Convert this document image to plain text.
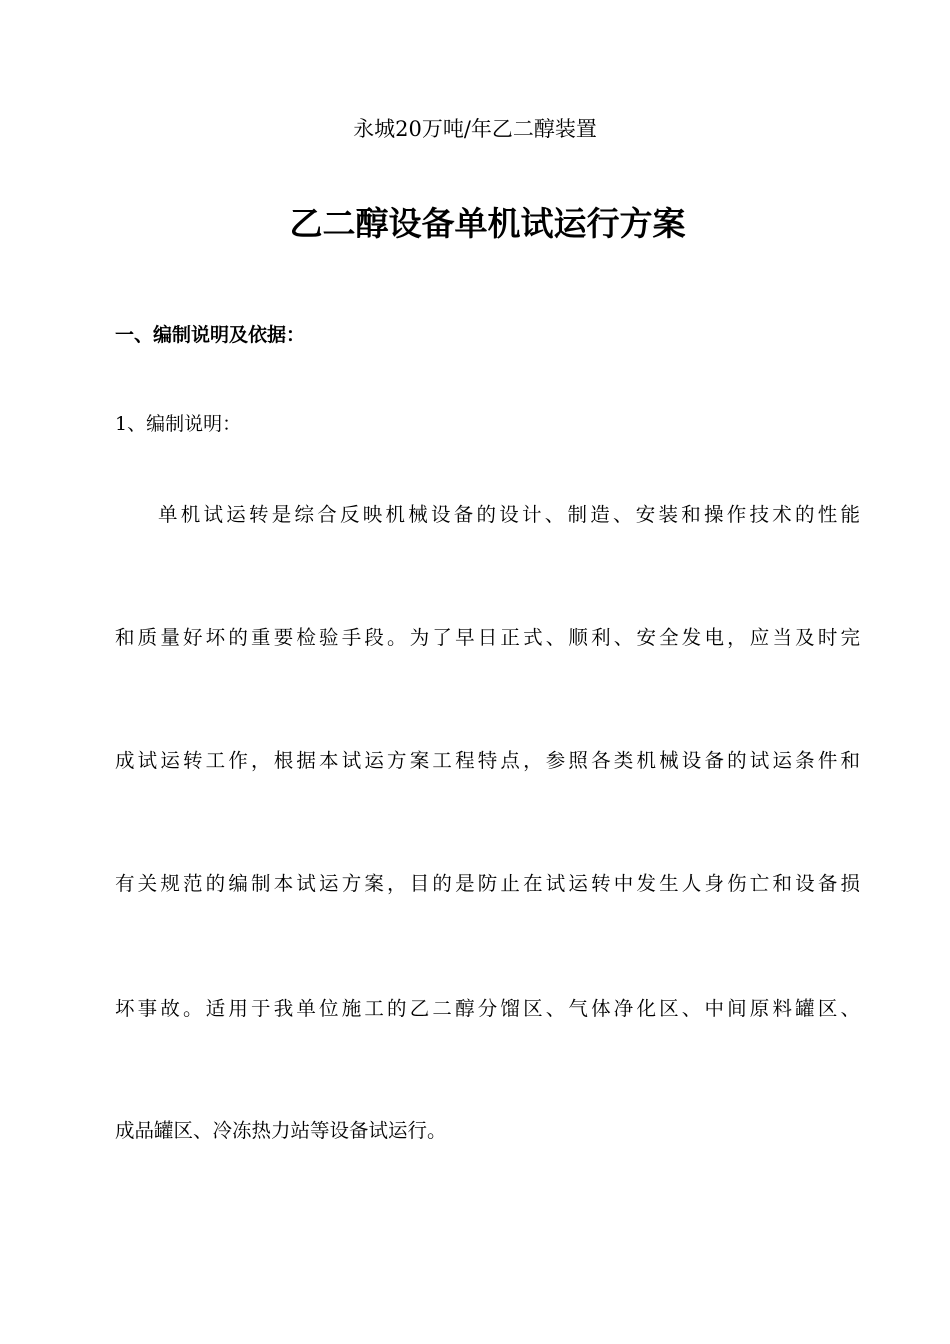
永城20万吨/年乙二醇装置
乙二醇设备单机试运行方案
一、编制说明及依据：
1、编制说明：
单机试运转是综合反映机械设备的设计、制造、安装和操作技术的性能
和质量好坏的重要检验手段。为了早日正式、顺利、安全发电，应当及时完
成试运转工作，根据本试运方案工程特点，参照各类机械设备的试运条件和
有关规范的编制本试运方案，目的是防止在试运转中发生人身伤亡和设备损
坏事故。适用于我单位施工的乙二醇分馏区、气体净化区、中间原料罐区、
成品罐区、冷冻热力站等设备试运行。
